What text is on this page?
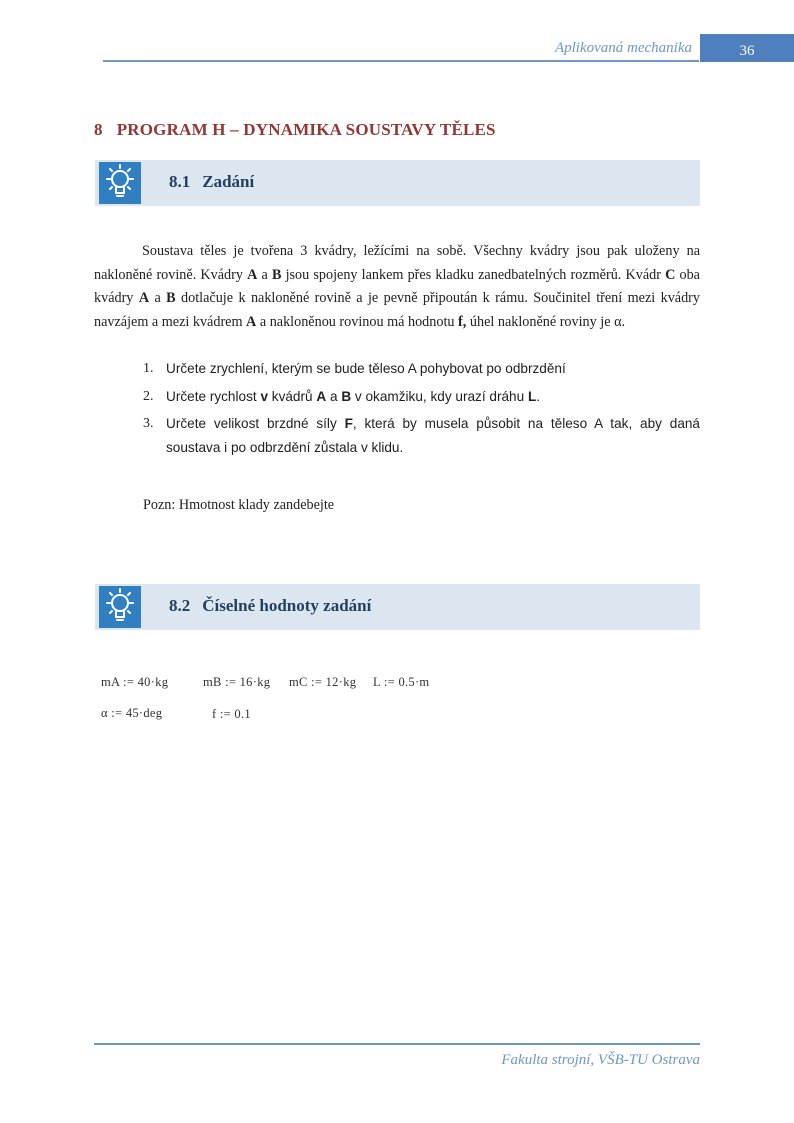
Aplikovaná mechanika	36
8 PROGRAM H – DYNAMIKA SOUSTAVY TĚLES
8.1 Zadání
Soustava těles je tvořena 3 kvádry, ležícími na sobě. Všechny kvádry jsou pak uloženy na nakloněné rovině. Kvádry A a B jsou spojeny lankem přes kladku zanedbatelných rozměrů. Kvádr C oba kvádry A a B dotlačuje k nakloněné rovině a je pevně připoután k rámu. Součinitel tření mezi kvádry navzájem a mezi kvádrem A a nakloněnou rovinou má hodnotu f, úhel nakloněné roviny je α.
1. Určete zrychlení, kterým se bude těleso A pohybovat po odbrzdění
2. Určete rychlost v kvádrů A a B v okamžiku, kdy urazí dráhu L.
3. Určete velikost brzdné síly F, která by musela působit na těleso A tak, aby daná soustava i po odbrzdění zůstala v klidu.
Pozn: Hmotnost klady zandebejte
8.2 Číselné hodnoty zadání
mA := 40·kg	mB := 16·kg mC := 12·kg L := 0.5·m
α := 45·deg	f := 0.1
Fakulta strojní, VŠB-TU Ostrava
